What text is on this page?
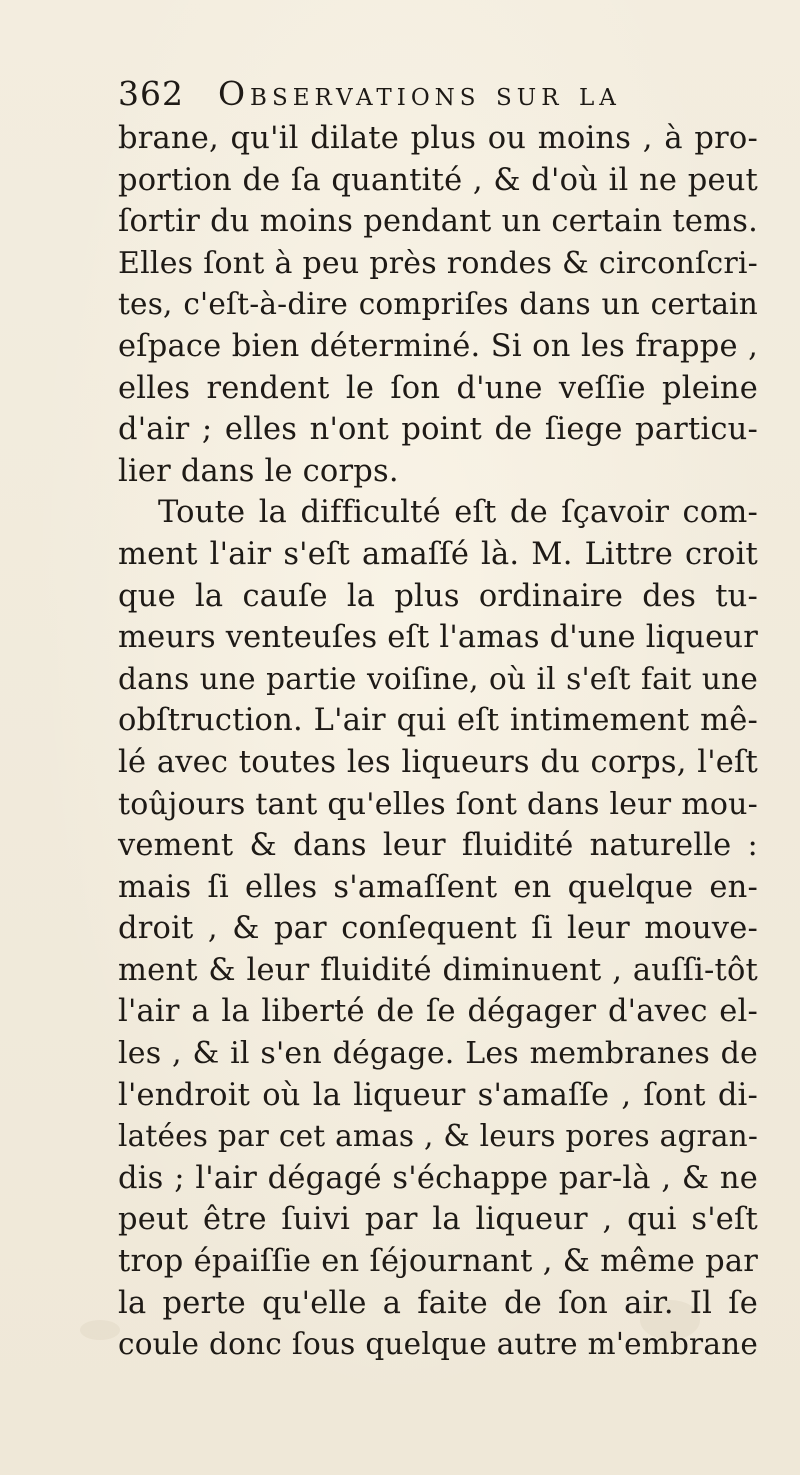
362 Observations sur la
brane, qu'il dilate plus ou moins , à pro-
portion de ſa quantité , & d'où il ne peut
ſortir du moins pendant un certain tems.
Elles ſont à peu près rondes & circonſcri-
tes, c'eſt-à-dire compriſes dans un certain
eſpace bien déterminé. Si on les frappe ,
elles rendent le ſon d'une veſſie pleine
d'air ; elles n'ont point de ſiege particu-
lier dans le corps.
Toute la difficulté eſt de ſçavoir com-
ment l'air s'eſt amaſſé là. M. Littre croit
que la cauſe la plus ordinaire des tu-
meurs venteuſes eſt l'amas d'une liqueur
dans une partie voiſine, où il s'eſt fait une
obſtruction. L'air qui eſt intimement mê-
lé avec toutes les liqueurs du corps, l'eſt
toûjours tant qu'elles ſont dans leur mou-
vement & dans leur fluidité naturelle :
mais ſi elles s'amaſſent en quelque en-
droit , & par conſequent ſi leur mouve-
ment & leur fluidité diminuent , auſſi-tôt
l'air a la liberté de ſe dégager d'avec el-
les , & il s'en dégage. Les membranes de
l'endroit où la liqueur s'amaſſe , ſont di-
latées par cet amas , & leurs pores agran-
dis ; l'air dégagé s'échappe par-là , & ne
peut être ſuivi par la liqueur , qui s'eſt
trop épaiſſie en ſéjournant , & même par
la perte qu'elle a faite de ſon air. Il ſe
coule donc ſous quelque autre m'embrane
